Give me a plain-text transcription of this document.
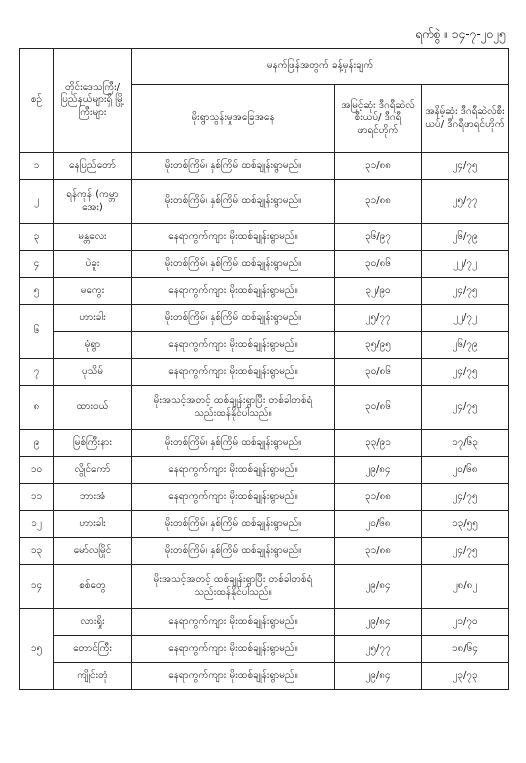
ရက်စွဲ ။ ၁၄-၇-၂၀၂၅
စဉ်	တိုင်းဒေသကြီး/ ပြည်နယ်များရှိ မြို့ကြီးများ	မနက်ဖြန်အတွက် ခန့်မှန်းချက်		
		မိုးရွာသွန်းမှုအခြေအနေ	အမြင့်ဆုံး ဒီဂရီဆဲလ်စီးယပ်/ ဒီဂရီဖာရင်ဟိုက်	အနိမ့်ဆုံး ဒီဂရီဆဲလ်စီးယပ်/ ဒီဂရီဖာရင်ဟိုက်
၁	နေပြည်တော်	မိုးတစ်ကြိမ်၊ နှစ်ကြိမ် ထစ်ချုန်းရွာမည်။	၃၁/၈၈	၂၄/၇၅
၂	ရန်ကုန် (ကမ္ဘာအေး)	မိုးတစ်ကြိမ်၊ နှစ်ကြိမ် ထစ်ချုန်းရွာမည်။	၃၁/၈၈	၂၅/၇၇
၃	မန္တလေး	နေရာကွက်ကျား မိုးထစ်ချုန်းရွာမည်။	၃၆/၉၇	၂၆/၇၉
၄	ပဲခူး	မိုးတစ်ကြိမ်၊ နှစ်ကြိမ် ထစ်ချုန်းရွာမည်။	၃၀/၈၆	၂၂/၇၂
၅	မကွေး	နေရာကွက်ကျား မိုးထစ်ချုန်းရွာမည်။	၃၂/၉၀	၂၄/၇၅
၆	ဟားခါး	မိုးတစ်ကြိမ်၊ နှစ်ကြိမ် ထစ်ချုန်းရွာမည်။	၂၅/၇၇	၂၂/၇၂
	မုံရွာ	နေရာကွက်ကျား မိုးထစ်ချုန်းရွာမည်။	၃၅/၉၅	၂၆/၇၉
၇	ပုသိမ်	နေရာကွက်ကျား မိုးထစ်ချုန်းရွာမည်။	၃၀/၈၆	၂၄/၇၅
၈	ထားဝယ်	မိုးအသင့်အတင့် ထစ်ချုန်းရွာပြီး တစ်ခါတစ်ရံ သည်းထန်နိုင်ပါသည်။	၃၀/၈၆	၂၄/၇၅
၉	မြစ်ကြီးနား	မိုးတစ်ကြိမ်၊ နှစ်ကြိမ် ထစ်ချုန်းရွာမည်။	၃၃/၉၁	၁၇/၆၃
၁၀	လွိုင်ကော်	နေရာကွက်ကျား မိုးထစ်ချုန်းရွာမည်။	၂၉/၈၄	၂၀/၆၈
၁၁	ဘားအံ	နေရာကွက်ကျား မိုးထစ်ချုန်းရွာမည်။	၃၁/၈၈	၂၄/၇၅
၁၂	ဟားခါး	မိုးတစ်ကြိမ်၊ နှစ်ကြိမ် ထစ်ချုန်းရွာမည်။	၂၀/၆၈	၁၃/၅၅
၁၃	မော်လမြိုင်	မိုးတစ်ကြိမ်၊ နှစ်ကြိမ် ထစ်ချုန်းရွာမည်။	၃၁/၈၈	၂၄/၇၅
၁၄	စစ်တွေ	မိုးအသင့်အတင့် ထစ်ချုန်းရွာပြီး တစ်ခါတစ်ရံ သည်းထန်နိုင်ပါသည်။	၂၉/၈၄	၂၈/၈၂
၁၅	လားရှိုး	နေရာကွက်ကျား မိုးထစ်ချုန်းရွာမည်။	၂၉/၈၄	၂၁/၇၀
	တောင်ကြီး	နေရာကွက်ကျား မိုးထစ်ချုန်းရွာမည်။	၂၅/၇၇	၁၈/၆၄
	ကျိုင်းတုံ	နေရာကွက်ကျား မိုးထစ်ချုန်းရွာမည်။	၂၉/၈၄	၂၃/၇၃
